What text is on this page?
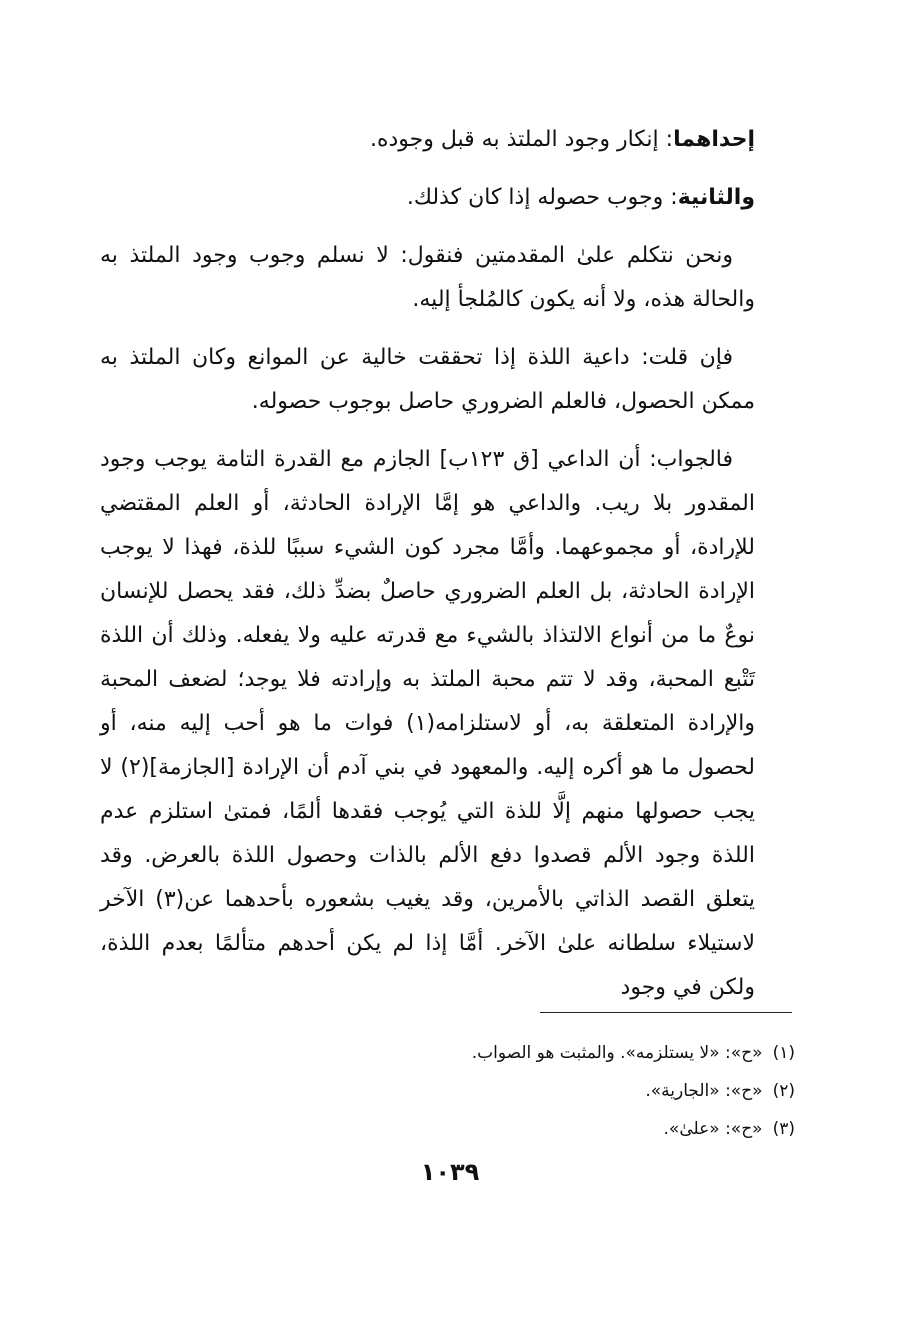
إحداهما: إنكار وجود الملتذ به قبل وجوده.

والثانية: وجوب حصوله إذا كان كذلك.

ونحن نتكلم علىٰ المقدمتين فنقول: لا نسلم وجوب وجود الملتذ به والحالة هذه، ولا أنه يكون كالمُلجأ إليه.

فإن قلت: داعية اللذة إذا تحققت خالية عن الموانع وكان الملتذ به ممكن الحصول، فالعلم الضروري حاصل بوجوب حصوله.

فالجواب: أن الداعي [ق ١٢٣ب] الجازم مع القدرة التامة يوجب وجود المقدور بلا ريب. والداعي هو إمَّا الإرادة الحادثة، أو العلم المقتضي للإرادة، أو مجموعهما. وأمَّا مجرد كون الشيء سببًا للذة، فهذا لا يوجب الإرادة الحادثة، بل العلم الضروري حاصلٌ بضدِّ ذلك، فقد يحصل للإنسان نوعٌ ما من أنواع الالتذاذ بالشيء مع قدرته عليه ولا يفعله. وذلك أن اللذة تَتْبع المحبة، وقد لا تتم محبة الملتذ به وإرادته فلا يوجد؛ لضعف المحبة والإرادة المتعلقة به، أو لاستلزامه(١) فوات ما هو أحب إليه منه، أو لحصول ما هو أكره إليه. والمعهود في بني آدم أن الإرادة [الجازمة](٢) لا يجب حصولها منهم إلَّا للذة التي يُوجب فقدها ألمًا، فمتىٰ استلزم عدم اللذة وجود الألم قصدوا دفع الألم بالذات وحصول اللذة بالعرض. وقد يتعلق القصد الذاتي بالأمرين، وقد يغيب بشعوره بأحدهما عن(٣) الآخر لاستيلاء سلطانه علىٰ الآخر. أمَّا إذا لم يكن أحدهم متألمًا بعدم اللذة، ولكن في وجود

(١)«ح»: «لا يستلزمه». والمثبت هو الصواب.
(٢)«ح»: «الجارية».
(٣)«ح»: «علىٰ».
١٠٣٩
